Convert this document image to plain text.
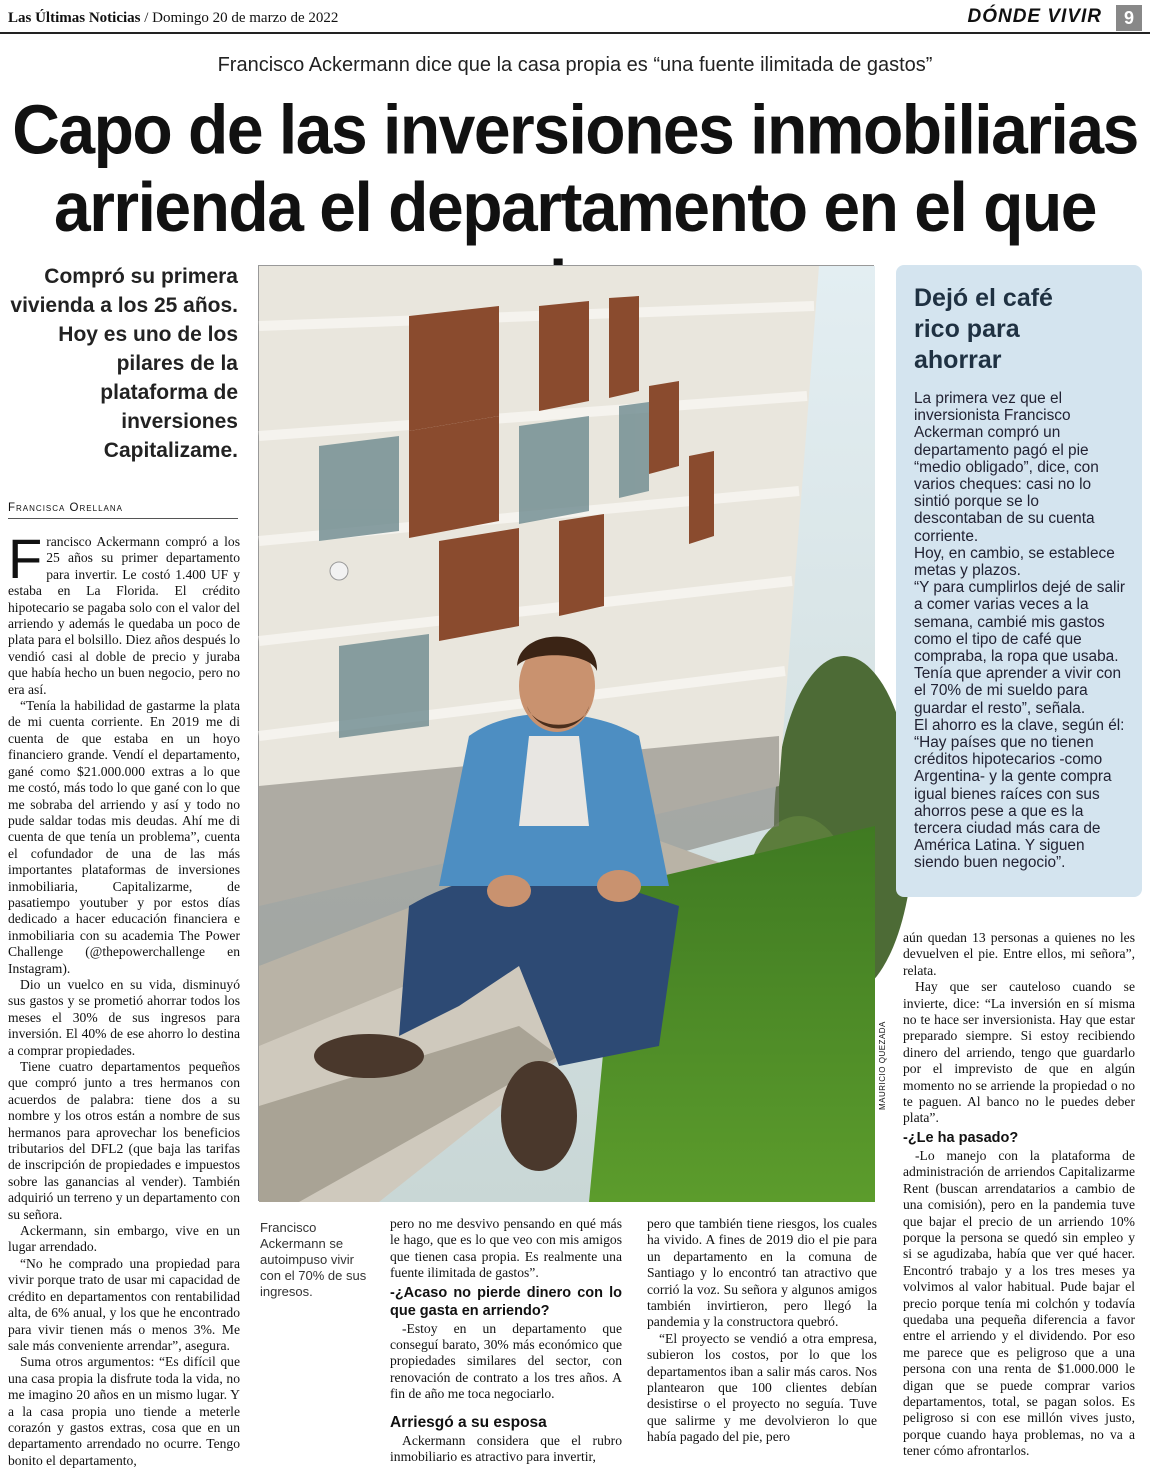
Las Últimas Noticias / Domingo 20 de marzo de 2022	DÓNDE VIVIR	9
Francisco Ackermann dice que la casa propia es “una fuente ilimitada de gastos”
Capo de las inversiones inmobiliarias
arrienda el departamento en el que
Compró su primera vivienda a los 25 años. Hoy es uno de los pilares de la plataforma de inversiones Capitalizame.
Francisca Orellana

Francisco Ackermann compró a los 25 años su primer departamento para invertir. Le costó 1.400 UF y estaba en La Florida. El crédito hipotecario se pagaba solo con el valor del arriendo y además le quedaba un poco de plata para el bolsillo. Diez años después lo vendió casi al doble de precio y juraba que había hecho un buen negocio, pero no era así.

“Tenía la habilidad de gastarme la plata de mi cuenta corriente. En 2019 me di cuenta de que estaba en un hoyo financiero grande. Vendí el departamento, gané como $21.000.000 extras a lo que me costó, más todo lo que gané con lo que me sobraba del arriendo y así y todo no pude saldar todas mis deudas. Ahí me di cuenta de que tenía un problema”, cuenta el cofundador de una de las más importantes plataformas de inversiones inmobiliaria, Capitalizarme, de pasatiempo youtuber y por estos días dedicado a hacer educación financiera e inmobiliaria con su academia The Power Challenge (@thepowerchallenge en Instagram).

Dio un vuelco en su vida, disminuyó sus gastos y se prometió ahorrar todos los meses el 30% de sus ingresos para inversión. El 40% de ese ahorro lo destina a comprar propiedades.

Tiene cuatro departamentos pequeños que compró junto a tres hermanos con acuerdos de palabra: tiene dos a su nombre y los otros están a nombre de sus hermanos para aprovechar los beneficios tributarios del DFL2 (que baja las tarifas de inscripción de propiedades e impuestos sobre las ganancias al vender). También adquirió un terreno y un departamento con su señora.

Ackermann, sin embargo, vive en un lugar arrendado.

“No he comprado una propiedad para vivir porque trato de usar mi capacidad de crédito en departamentos con rentabilidad alta, de 6% anual, y los que he encontrado para vivir tienen más o menos 3%. Me sale más conveniente arrendar”, asegura.

Suma otros argumentos: “Es difícil que una casa propia la disfrute toda la vida, no me imagino 20 años en un mismo lugar. Y a la casa propia uno tiende a meterle corazón y gastos extras, cosa que en un departamento arrendado no ocurre. Tengo bonito el departamento,

MAURICIO QUEZADA
Francisco Ackermann se autoimpuso vivir con el 70% de sus ingresos.
Dejó el café rico para ahorrar

La primera vez que el inversionista Francisco Ackerman compró un departamento pagó el pie “medio obligado”, dice, con varios cheques: casi no lo sintió porque se lo descontaban de su cuenta corriente.

Hoy, en cambio, se establece metas y plazos.

“Y para cumplirlos dejé de salir a comer varias veces a la semana, cambié mis gastos como el tipo de café que compraba, la ropa que usaba. Tenía que aprender a vivir con el 70% de mi sueldo para guardar el resto”, señala.

El ahorro es la clave, según él: “Hay países que no tienen créditos hipotecarios -como Argentina- y la gente compra igual bienes raíces con sus ahorros pese a que es la tercera ciudad más cara de América Latina. Y siguen siendo buen negocio”.

pero no me desvivo pensando en qué más le hago, que es lo que veo con mis amigos que tienen casa propia. Es realmente una fuente ilimitada de gastos”.

-¿Acaso no pierde dinero con lo que gasta en arriendo?

-Estoy en un departamento que conseguí barato, 30% más económico que propiedades similares del sector, con renovación de contrato a los tres años. A fin de año me toca negociarlo.

Arriesgó a su esposa

Ackermann considera que el rubro inmobiliario es atractivo para invertir,

pero que también tiene riesgos, los cuales ha vivido. A fines de 2019 dio el pie para un departamento en la comuna de Santiago y lo encontró tan atractivo que corrió la voz. Su señora y algunos amigos también invirtieron, pero llegó la pandemia y la constructora quebró.

“El proyecto se vendió a otra empresa, subieron los costos, por lo que los departamentos iban a salir más caros. Nos plantearon que 100 clientes debían desistirse o el proyecto no seguía. Tuve que salirme y me devolvieron lo que había pagado del pie, pero

aún quedan 13 personas a quienes no les devuelven el pie. Entre ellos, mi señora”, relata.

Hay que ser cauteloso cuando se invierte, dice: “La inversión en sí misma no te hace ser inversionista. Hay que estar preparado siempre. Si estoy recibiendo dinero del arriendo, tengo que guardarlo por el imprevisto de que en algún momento no se arriende la propiedad o no te paguen. Al banco no le puedes deber plata”.

-¿Le ha pasado?

-Lo manejo con la plataforma de administración de arriendos Capitalizarme Rent (buscan arrendatarios a cambio de una comisión), pero en la pandemia tuve que bajar el precio de un arriendo 10% porque la persona se quedó sin empleo y si se agudizaba, había que ver qué hacer. Encontró trabajo y a los tres meses ya volvimos al valor habitual. Pude bajar el precio porque tenía mi colchón y todavía quedaba una pequeña diferencia a favor entre el arriendo y el dividendo. Por eso me parece que es peligroso que a una persona con una renta de $1.000.000 le digan que se puede comprar varios departamentos, total, se pagan solos. Es peligroso si con ese millón vives justo, porque cuando haya problemas, no va a tener cómo afrontarlos.
